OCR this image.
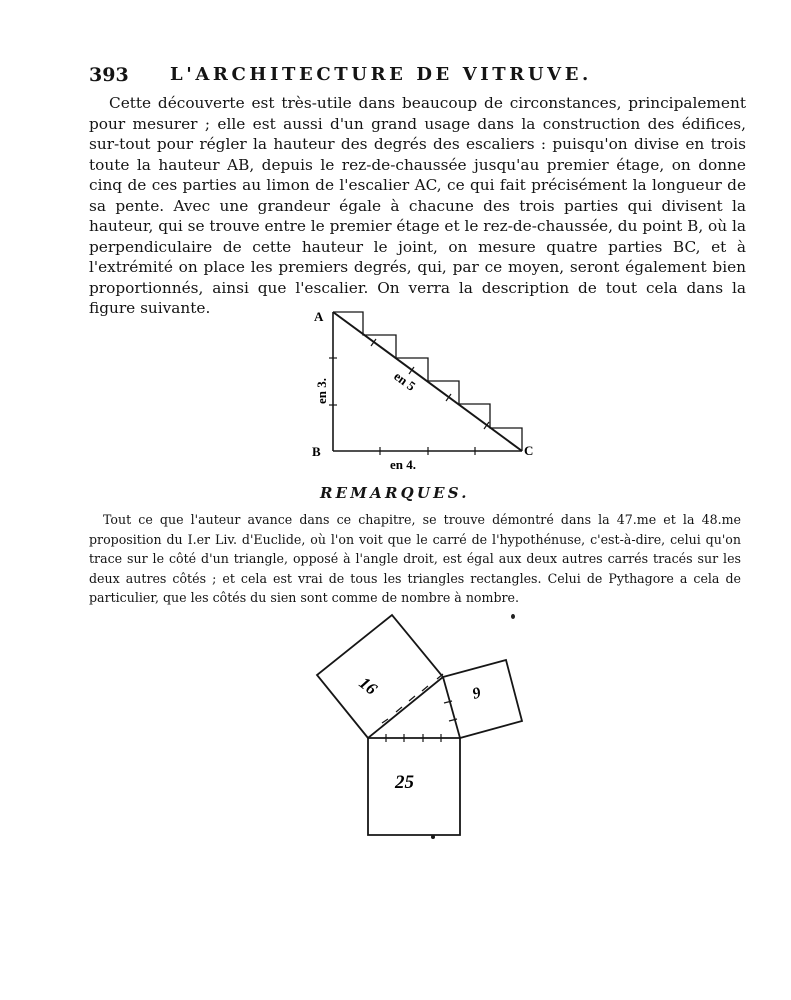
393 L'ARCHITECTURE DE VITRUVE.

Cette découverte est très-utile dans beaucoup de circonstances, principalement pour mesurer ; elle est aussi d'un grand usage dans la construction des édifices, sur-tout pour régler la hauteur des degrés des escaliers : puisqu'on divise en trois toute la hauteur AB, depuis le rez-de-chaussée jusqu'au premier étage, on donne cinq de ces parties au limon de l'escalier AC, ce qui fait précisément la longueur de sa pente. Avec une grandeur égale à chacune des trois parties qui divisent la hauteur, qui se trouve entre le premier étage et le rez-de-chaussée, du point B, où la perpendiculaire de cette hauteur le joint, on mesure quatre parties BC, et à l'extrémité on place les premiers degrés, qui, par ce moyen, seront également bien proportionnés, ainsi que l'escalier. On verra la description de tout cela dans la figure suivante.	A
B	C
en 3.	en 5
en 4.
REMARQUES.

Tout ce que l'auteur avance dans ce chapitre, se trouve démontré dans la 47.me et la 48.me proposition du I.er Liv. d'Euclide, où l'on voit que le carré de l'hypothénuse, c'est-à-dire, celui qu'on trace sur le côté d'un triangle, opposé à l'angle droit, est égal aux deux autres carrés tracés sur les deux autres côtés ; et cela est vrai de tous les triangles rectangles. Celui de Pythagore a cela de particulier, que les côtés du sien sont comme de nombre à nombre.

25
16	9
